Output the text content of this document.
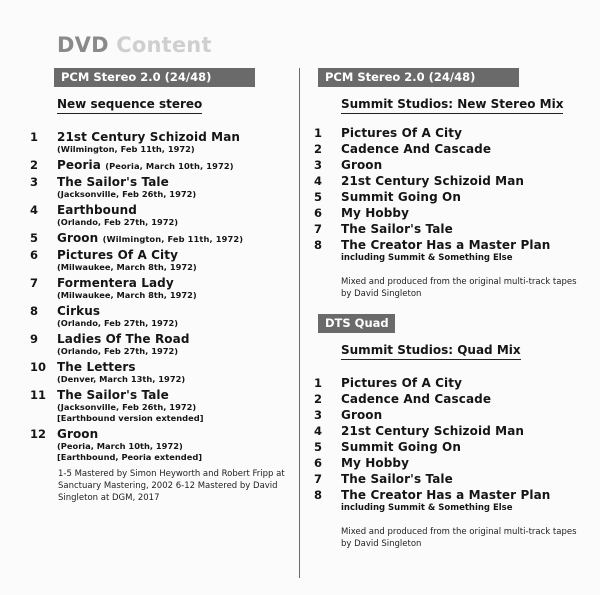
DVD Content
PCM Stereo 2.0 (24/48)
New sequence stereo
1	21st Century Schizoid Man
(Wilmington, Feb 11th, 1972)
2	Peoria (Peoria, March 10th, 1972)
3	The Sailor's Tale
(Jacksonville, Feb 26th, 1972)
4	Earthbound
(Orlando, Feb 27th, 1972)
5	Groon (Wilmington, Feb 11th, 1972)
6	Pictures Of A City
(Milwaukee, March 8th, 1972)
7	Formentera Lady
(Milwaukee, March 8th, 1972)
8	Cirkus
(Orlando, Feb 27th, 1972)
9	Ladies Of The Road
(Orlando, Feb 27th, 1972)
10 The Letters
(Denver, March 13th, 1972)
11 The Sailor's Tale
(Jacksonville, Feb 26th, 1972)
[Earthbound version extended]
12 Groon
(Peoria, March 10th, 1972)
[Earthbound, Peoria extended]
1-5 Mastered by Simon Heyworth and Robert Fripp at Sanctuary Mastering, 2002 6-12 Mastered by David Singleton at DGM, 2017
PCM Stereo 2.0 (24/48)
Summit Studios: New Stereo Mix
1	Pictures Of A City
2	Cadence And Cascade
3	Groon
4	21st Century Schizoid Man
5	Summit Going On
6	My Hobby
7	The Sailor's Tale
8	The Creator Has a Master Plan
including Summit & Something Else
Mixed and produced from the original multi-track tapes by David Singleton
DTS Quad
Summit Studios: Quad Mix
1	Pictures Of A City
2	Cadence And Cascade
3	Groon
4	21st Century Schizoid Man
5	Summit Going On
6	My Hobby
7	The Sailor's Tale
8	The Creator Has a Master Plan
including Summit & Something Else
Mixed and produced from the original multi-track tapes by David Singleton
